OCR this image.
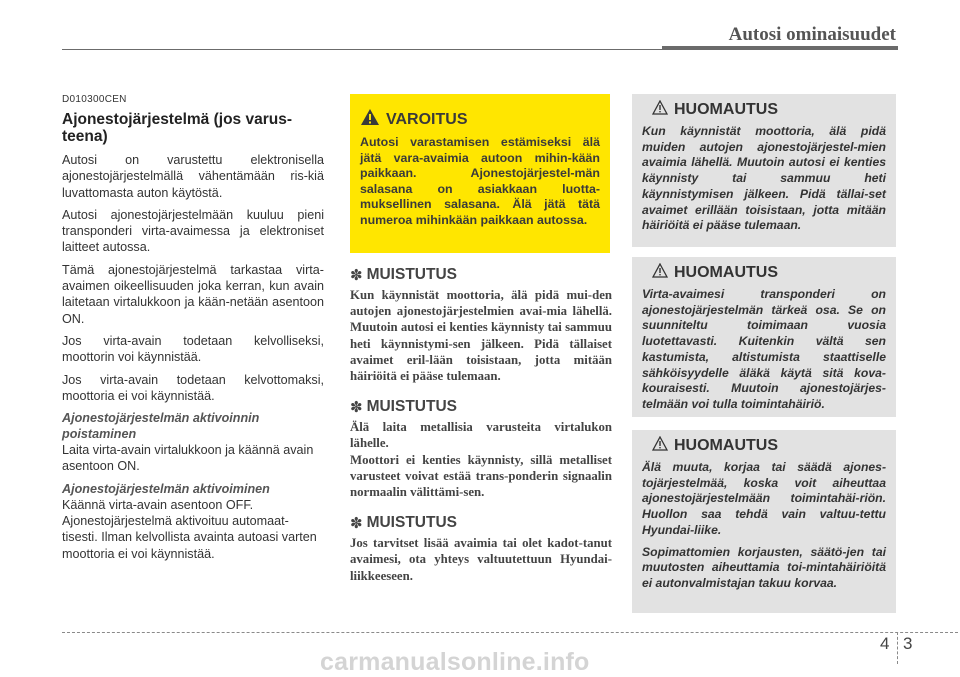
Autosi ominaisuudet
D010300CEN
Ajonestojärjestelmä (jos varus-teena)
Autosi on varustettu elektronisella ajonestojärjestelmällä vähentämään ris-kiä luvattomasta auton käytöstä.
Autosi ajonestojärjestelmään kuuluu pieni transponderi virta-avaimessa ja elektroniset laitteet autossa.
Tämä ajonestojärjestelmä tarkastaa virta-avaimen oikeellisuuden joka kerran, kun avain laitetaan virtalukkoon ja kään-netään asentoon ON.
Jos virta-avain todetaan kelvolliseksi, moottorin voi käynnistää.
Jos virta-avain todetaan kelvottomaksi, moottoria ei voi käynnistää.
Ajonestojärjestelmän aktivoinnin poistaminen
Laita virta-avain virtalukkoon ja käännä avain asentoon ON.
Ajonestojärjestelmän aktivoiminen
Käännä virta-avain asentoon OFF. Ajonestojärjestelmä aktivoituu automaat-tisesti. Ilman kelvollista avainta autoasi varten moottoria ei voi käynnistää.
VAROITUS
Autosi varastamisen estämiseksi älä jätä vara-avaimia autoon mihin-kään paikkaan. Ajonestojärjestel-män salasana on asiakkaan luotta-muksellinen salasana. Älä jätä tätä numeroa mihinkään paikkaan autossa.
✽ MUISTUTUS
Kun käynnistät moottoria, älä pidä mui-den autojen ajonestojärjestelmien avai-mia lähellä. Muutoin autosi ei kenties käynnisty tai sammuu heti käynnistymi-sen jälkeen. Pidä tällaiset avaimet eril-lään toisistaan, jotta mitään häiriöitä ei pääse tulemaan.
✽ MUISTUTUS
Älä laita metallisia varusteita virtalukon lähelle.
Moottori ei kenties käynnisty, sillä metalliset varusteet voivat estää trans-ponderin signaalin normaalin välittämi-sen.
✽ MUISTUTUS
Jos tarvitset lisää avaimia tai olet kadot-tanut avaimesi, ota yhteys valtuutettuun Hyundai-liikkeeseen.
HUOMAUTUS
Kun käynnistät moottoria, älä pidä muiden autojen ajonestojärjestel-mien avaimia lähellä. Muutoin autosi ei kenties käynnisty tai sammuu heti käynnistymisen jälkeen. Pidä tällai-set avaimet erillään toisistaan, jotta mitään häiriöitä ei pääse tulemaan.
HUOMAUTUS
Virta-avaimesi transponderi on ajonestojärjestelmän tärkeä osa. Se on suunniteltu toimimaan vuosia luotettavasti. Kuitenkin vältä sen kastumista, altistumista staattiselle sähköisyydelle äläkä käytä sitä kova-kouraisesti. Muutoin ajonestojärjes-telmään voi tulla toimintahäiriö.
HUOMAUTUS
Älä muuta, korjaa tai säädä ajones-tojärjestelmää, koska voit aiheuttaa ajonestojärjestelmään toimintahäi-riön. Huollon saa tehdä vain valtuu-tettu Hyundai-liike.
Sopimattomien korjausten, säätö-jen tai muutosten aiheuttamia toi-mintahäiriöitä ei autonvalmistajan takuu korvaa.
4 3
carmanualsonline.info
